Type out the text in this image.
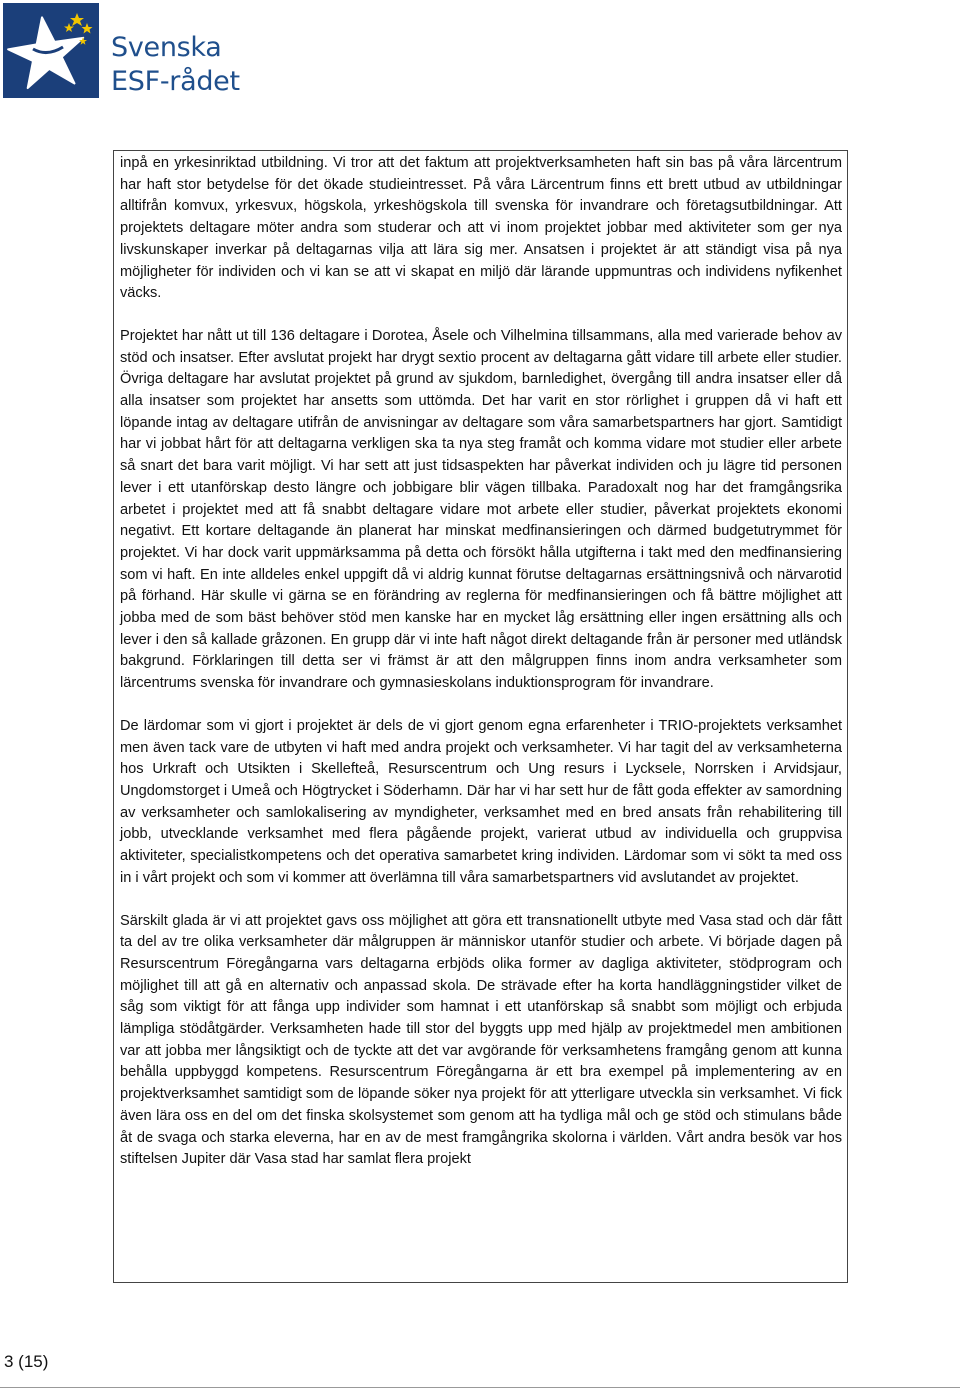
Svenska
ESF-rådet

inpå en yrkesinriktad utbildning. Vi tror att det faktum att projektverksamheten haft sin bas på våra lärcentrum har haft stor betydelse för det ökade studieintresset. På våra Lärcentrum finns ett brett utbud av utbildningar alltifrån komvux, yrkesvux, högskola, yrkeshögskola till svenska för invandrare och företagsutbildningar. Att projektets deltagare möter andra som studerar och att vi inom projektet jobbar med aktiviteter som ger nya livskunskaper inverkar på deltagarnas vilja att lära sig mer. Ansatsen i projektet är att ständigt visa på nya möjligheter för individen och vi kan se att vi skapat en miljö där lärande uppmuntras och individens nyfikenhet väcks.

Projektet har nått ut till 136 deltagare i Dorotea, Åsele och Vilhelmina tillsammans, alla med varierade behov av stöd och insatser. Efter avslutat projekt har drygt sextio procent av deltagarna gått vidare till arbete eller studier. Övriga deltagare har avslutat projektet på grund av sjukdom, barnledighet, övergång till andra insatser eller då alla insatser som projektet har ansetts som uttömda. Det har varit en stor rörlighet i gruppen då vi haft ett löpande intag av deltagare utifrån de anvisningar av deltagare som våra samarbetspartners har gjort. Samtidigt har vi jobbat hårt för att deltagarna verkligen ska ta nya steg framåt och komma vidare mot studier eller arbete så snart det bara varit möjligt. Vi har sett att just tidsaspekten har påverkat individen och ju lägre tid personen lever i ett utanförskap desto längre och jobbigare blir vägen tillbaka. Paradoxalt nog har det framgångsrika arbetet i projektet med att få snabbt deltagare vidare mot arbete eller studier, påverkat projektets ekonomi negativt. Ett kortare deltagande än planerat har minskat medfinansieringen och därmed budgetutrymmet för projektet. Vi har dock varit uppmärksamma på detta och försökt hålla utgifterna i takt med den medfinansiering som vi haft. En inte alldeles enkel uppgift då vi aldrig kunnat förutse deltagarnas ersättningsnivå och närvarotid på förhand. Här skulle vi gärna se en förändring av reglerna för medfinansieringen och få bättre möjlighet att jobba med de som bäst behöver stöd men kanske har en mycket låg ersättning eller ingen ersättning alls och lever i den så kallade gråzonen. En grupp där vi inte haft något direkt deltagande från är personer med utländsk bakgrund. Förklaringen till detta ser vi främst är att den målgruppen finns inom andra verksamheter som lärcentrums svenska för invandrare och gymnasieskolans induktionsprogram för invandrare.

De lärdomar som vi gjort i projektet är dels de vi gjort genom egna erfarenheter i TRIO-projektets verksamhet men även tack vare de utbyten vi haft med andra projekt och verksamheter. Vi har tagit del av verksamheterna hos Urkraft och Utsikten i Skellefteå, Resurscentrum och Ung resurs i Lycksele, Norrsken i Arvidsjaur, Ungdomstorget i Umeå och Högtrycket i Söderhamn. Där har vi har sett hur de fått goda effekter av samordning av verksamheter och samlokalisering av myndigheter, verksamhet med en bred ansats från rehabilitering till jobb, utvecklande verksamhet med flera pågående projekt, varierat utbud av individuella och gruppvisa aktiviteter, specialistkompetens och det operativa samarbetet kring individen. Lärdomar som vi sökt ta med oss in i vårt projekt och som vi kommer att överlämna till våra samarbetspartners vid avslutandet av projektet.

Särskilt glada är vi att projektet gavs oss möjlighet att göra ett transnationellt utbyte med Vasa stad och där fått ta del av tre olika verksamheter där målgruppen är människor utanför studier och arbete. Vi började dagen på Resurscentrum Föregångarna vars deltagarna erbjöds olika former av dagliga aktiviteter, stödprogram och möjlighet till att gå en alternativ och anpassad skola. De strävade efter ha korta handläggningstider vilket de såg som viktigt för att fånga upp individer som hamnat i ett utanförskap så snabbt som möjligt och erbjuda lämpliga stödåtgärder. Verksamheten hade till stor del byggts upp med hjälp av projektmedel men ambitionen var att jobba mer långsiktigt och de tyckte att det var avgörande för verksamhetens framgång genom att kunna behålla uppbyggd kompetens. Resurscentrum Föregångarna är ett bra exempel på implementering av en projektverksamhet samtidigt som de löpande söker nya projekt för att ytterligare utveckla sin verksamhet. Vi fick även lära oss en del om det finska skolsystemet som genom att ha tydliga mål och ge stöd och stimulans både åt de svaga och starka eleverna, har en av de mest framgångrika skolorna i världen. Vårt andra besök var hos stiftelsen Jupiter där Vasa stad har samlat flera projekt

3 (15)
